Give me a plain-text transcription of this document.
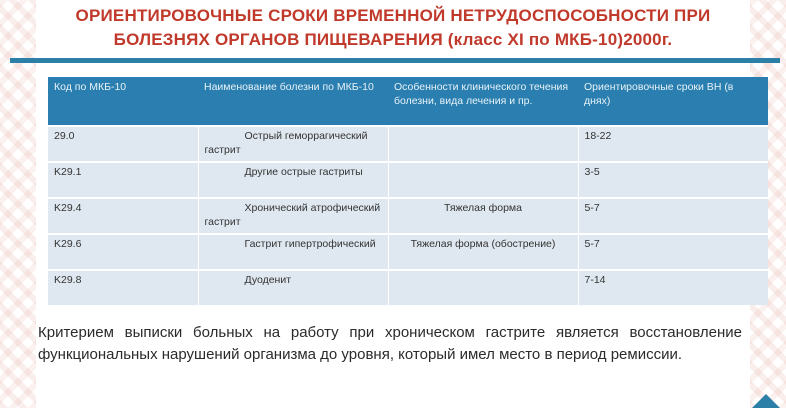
ОРИЕНТИРОВОЧНЫЕ СРОКИ ВРЕМЕННОЙ НЕТРУДОСПОСОБНОСТИ ПРИ
БОЛЕЗНЯХ ОРГАНОВ ПИЩЕВАРЕНИЯ (класс XI по МКБ-10)2000г.
Код по МКБ-10	Наименование болезни по МКБ-10	Особенности клинического течения болезни, вида лечения и пр.	Ориентировочные сроки ВН (в днях)
29.0	Острый геморрагический гастрит		18-22
K29.1	Другие острые гастриты		3-5
K29.4	Хронический атрофический гастрит	Тяжелая форма	5-7
K29.6	Гастрит гипертрофический	Тяжелая форма (обострение)	5-7
K29.8	Дуоденит		7-14
Критерием выписки больных на работу при хроническом гастрите является восстановление функциональных нарушений организма до уровня, который имел место в период ремиссии.
